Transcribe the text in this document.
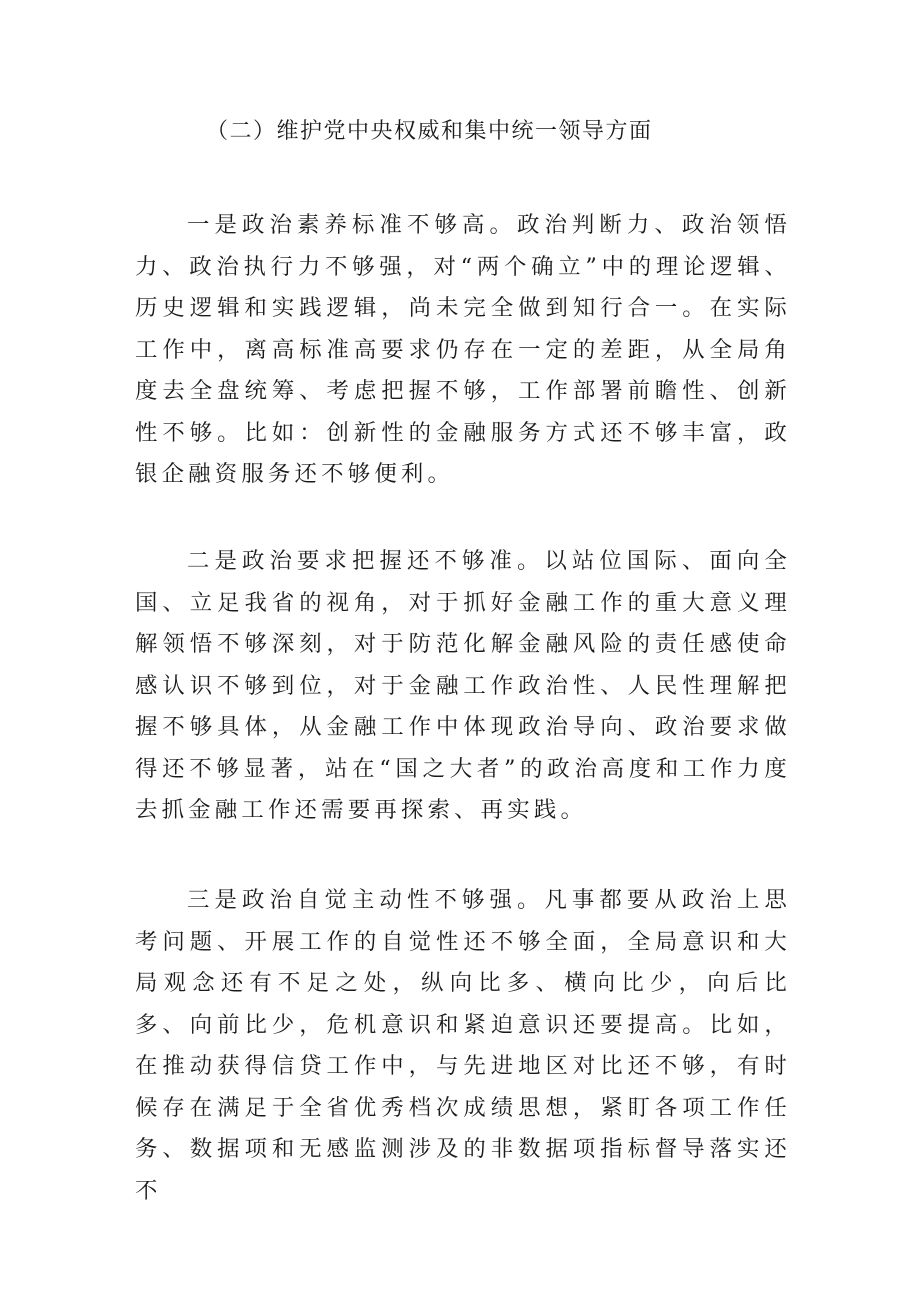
（二）维护党中央权威和集中统一领导方面

一是政治素养标准不够高。政治判断力、政治领悟力、政治执行力不够强，对“两个确立”中的理论逻辑、历史逻辑和实践逻辑，尚未完全做到知行合一。在实际工作中，离高标准高要求仍存在一定的差距，从全局角度去全盘统筹、考虑把握不够，工作部署前瞻性、创新性不够。比如：创新性的金融服务方式还不够丰富，政银企融资服务还不够便利。

二是政治要求把握还不够准。以站位国际、面向全国、立足我省的视角，对于抓好金融工作的重大意义理解领悟不够深刻，对于防范化解金融风险的责任感使命感认识不够到位，对于金融工作政治性、人民性理解把握不够具体，从金融工作中体现政治导向、政治要求做得还不够显著，站在“国之大者”的政治高度和工作力度去抓金融工作还需要再探索、再实践。

三是政治自觉主动性不够强。凡事都要从政治上思考问题、开展工作的自觉性还不够全面，全局意识和大局观念还有不足之处，纵向比多、横向比少，向后比多、向前比少，危机意识和紧迫意识还要提高。比如，在推动获得信贷工作中，与先进地区对比还不够，有时候存在满足于全省优秀档次成绩思想，紧盯各项工作任务、数据项和无感监测涉及的非数据项指标督导落实还不
